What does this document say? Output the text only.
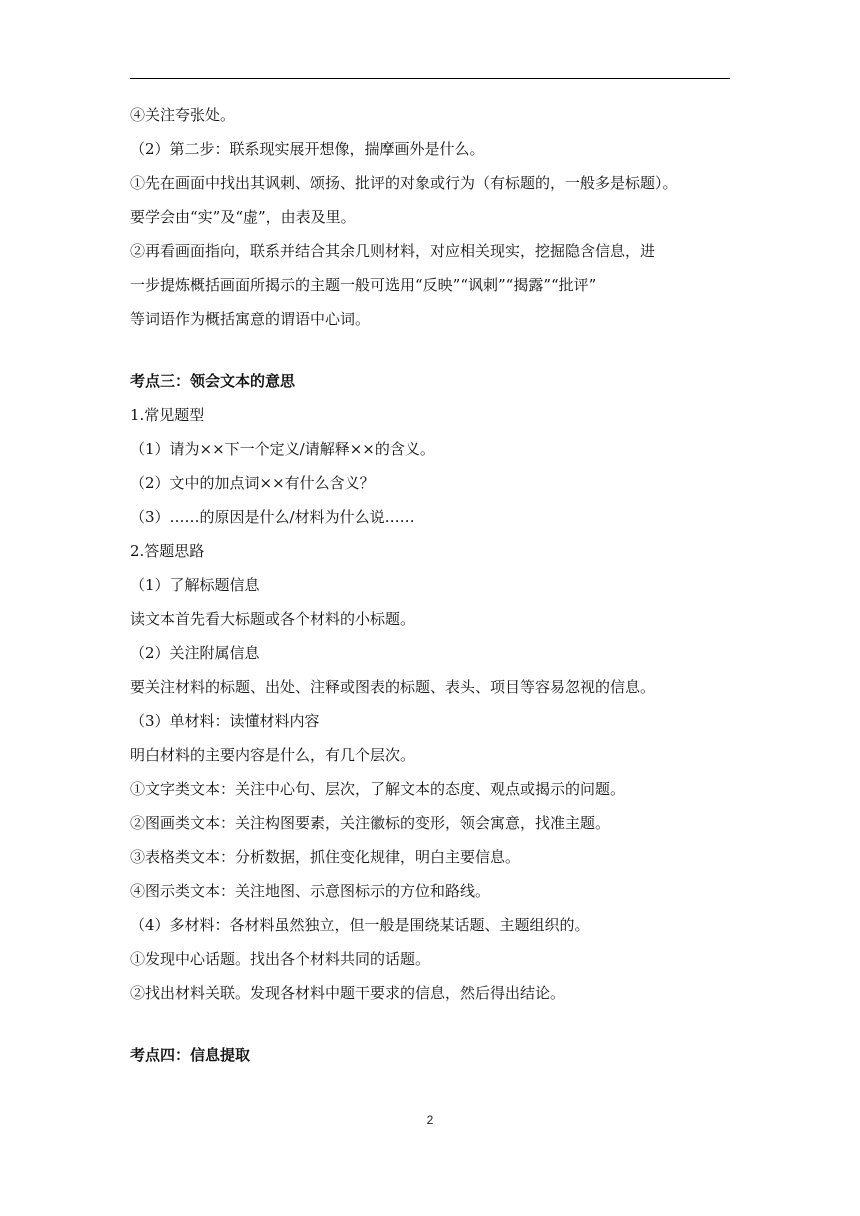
④关注夸张处。
（2）第二步：联系现实展开想像，揣摩画外是什么。
①先在画面中找出其讽刺、颂扬、批评的对象或行为（有标题的，一般多是标题）。
要学会由“实”及“虚”，由表及里。
②再看画面指向，联系并结合其余几则材料，对应相关现实，挖掘隐含信息，进
一步提炼概括画面所揭示的主题一般可选用“反映”“讽刺”“揭露”“批评”
等词语作为概括寓意的谓语中心词。
考点三：领会文本的意思
1.常见题型
（1）请为××下一个定义/请解释××的含义。
（2）文中的加点词××有什么含义？
（3）……的原因是什么/材料为什么说……
2.答题思路
（1）了解标题信息
读文本首先看大标题或各个材料的小标题。
（2）关注附属信息
要关注材料的标题、出处、注释或图表的标题、表头、项目等容易忽视的信息。
（3）单材料：读懂材料内容
明白材料的主要内容是什么，有几个层次。
①文字类文本：关注中心句、层次，了解文本的态度、观点或揭示的问题。
②图画类文本：关注构图要素，关注徽标的变形，领会寓意，找准主题。
③表格类文本：分析数据，抓住变化规律，明白主要信息。
④图示类文本：关注地图、示意图标示的方位和路线。
（4）多材料：各材料虽然独立，但一般是围绕某话题、主题组织的。
①发现中心话题。找出各个材料共同的话题。
②找出材料关联。发现各材料中题干要求的信息，然后得出结论。
考点四：信息提取
2
